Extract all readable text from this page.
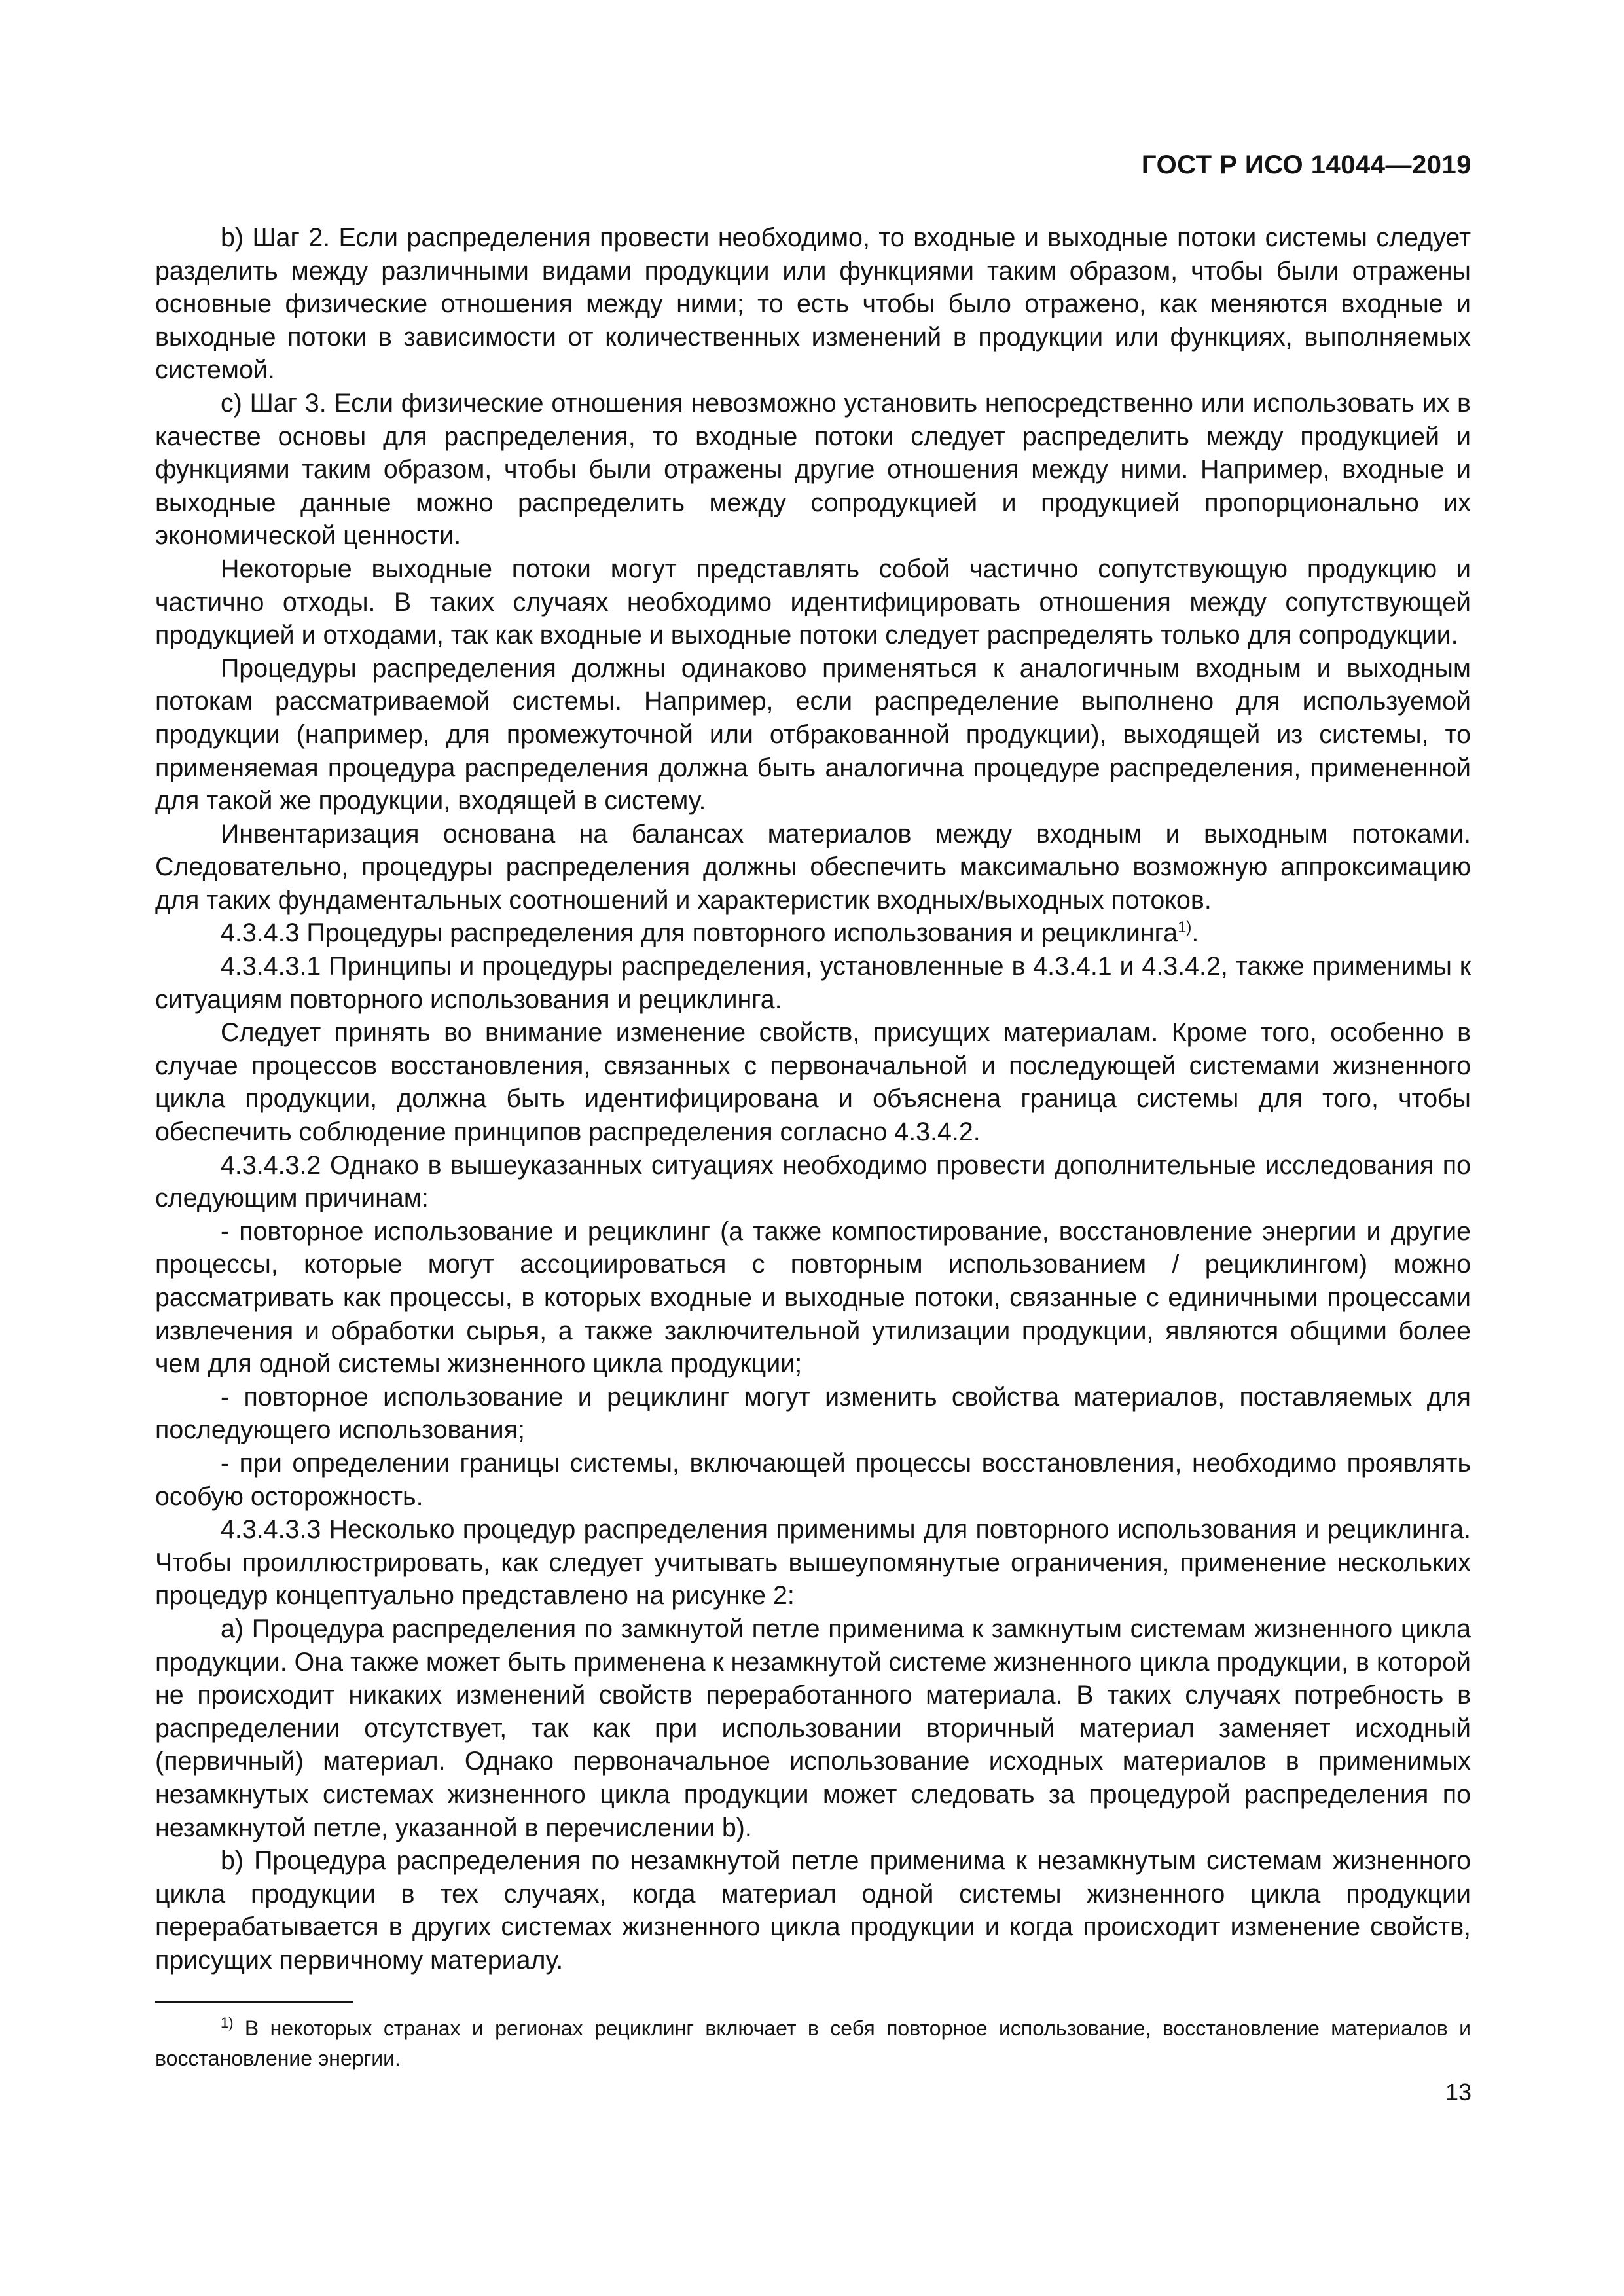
ГОСТ Р ИСО 14044—2019

b) Шаг 2. Если распределения провести необходимо, то входные и выходные потоки системы следует разделить между различными видами продукции или функциями таким образом, чтобы были отражены основные физические отношения между ними; то есть чтобы было отражено, как меняются входные и выходные потоки в зависимости от количественных изменений в продукции или функциях, выполняемых системой.

c) Шаг 3. Если физические отношения невозможно установить непосредственно или использовать их в качестве основы для распределения, то входные потоки следует распределить между продукцией и функциями таким образом, чтобы были отражены другие отношения между ними. Например, входные и выходные данные можно распределить между сопродукцией и продукцией пропорционально их экономической ценности.

Некоторые выходные потоки могут представлять собой частично сопутствующую продукцию и частично отходы. В таких случаях необходимо идентифицировать отношения между сопутствующей продукцией и отходами, так как входные и выходные потоки следует распределять только для сопродукции.

Процедуры распределения должны одинаково применяться к аналогичным входным и выходным потокам рассматриваемой системы. Например, если распределение выполнено для используемой продукции (например, для промежуточной или отбракованной продукции), выходящей из системы, то применяемая процедура распределения должна быть аналогична процедуре распределения, примененной для такой же продукции, входящей в систему.

Инвентаризация основана на балансах материалов между входным и выходным потоками. Следовательно, процедуры распределения должны обеспечить максимально возможную аппроксимацию для таких фундаментальных соотношений и характеристик входных/выходных потоков.

4.3.4.3 Процедуры распределения для повторного использования и рециклинга$^{1)}$.

4.3.4.3.1 Принципы и процедуры распределения, установленные в 4.3.4.1 и 4.3.4.2, также применимы к ситуациям повторного использования и рециклинга.

Следует принять во внимание изменение свойств, присущих материалам. Кроме того, особенно в случае процессов восстановления, связанных с первоначальной и последующей системами жизненного цикла продукции, должна быть идентифицирована и объяснена граница системы для того, чтобы обеспечить соблюдение принципов распределения согласно 4.3.4.2.

4.3.4.3.2 Однако в вышеуказанных ситуациях необходимо провести дополнительные исследования по следующим причинам:

- повторное использование и рециклинг (а также компостирование, восстановление энергии и другие процессы, которые могут ассоциироваться с повторным использованием / рециклингом) можно рассматривать как процессы, в которых входные и выходные потоки, связанные с единичными процессами извлечения и обработки сырья, а также заключительной утилизации продукции, являются общими более чем для одной системы жизненного цикла продукции;

- повторное использование и рециклинг могут изменить свойства материалов, поставляемых для последующего использования;

- при определении границы системы, включающей процессы восстановления, необходимо проявлять особую осторожность.

4.3.4.3.3 Несколько процедур распределения применимы для повторного использования и рециклинга. Чтобы проиллюстрировать, как следует учитывать вышеупомянутые ограничения, применение нескольких процедур концептуально представлено на рисунке 2:

а) Процедура распределения по замкнутой петле применима к замкнутым системам жизненного цикла продукции. Она также может быть применена к незамкнутой системе жизненного цикла продукции, в которой не происходит никаких изменений свойств переработанного материала. В таких случаях потребность в распределении отсутствует, так как при использовании вторичный материал заменяет исходный (первичный) материал. Однако первоначальное использование исходных материалов в применимых незамкнутых системах жизненного цикла продукции может следовать за процедурой распределения по незамкнутой петле, указанной в перечислении b).

b) Процедура распределения по незамкнутой петле применима к незамкнутым системам жизненного цикла продукции в тех случаях, когда материал одной системы жизненного цикла продукции перерабатывается в других системах жизненного цикла продукции и когда происходит изменение свойств, присущих первичному материалу.

$^{1)}$ В некоторых странах и регионах рециклинг включает в себя повторное использование, восстановление материалов и восстановление энергии.

13
